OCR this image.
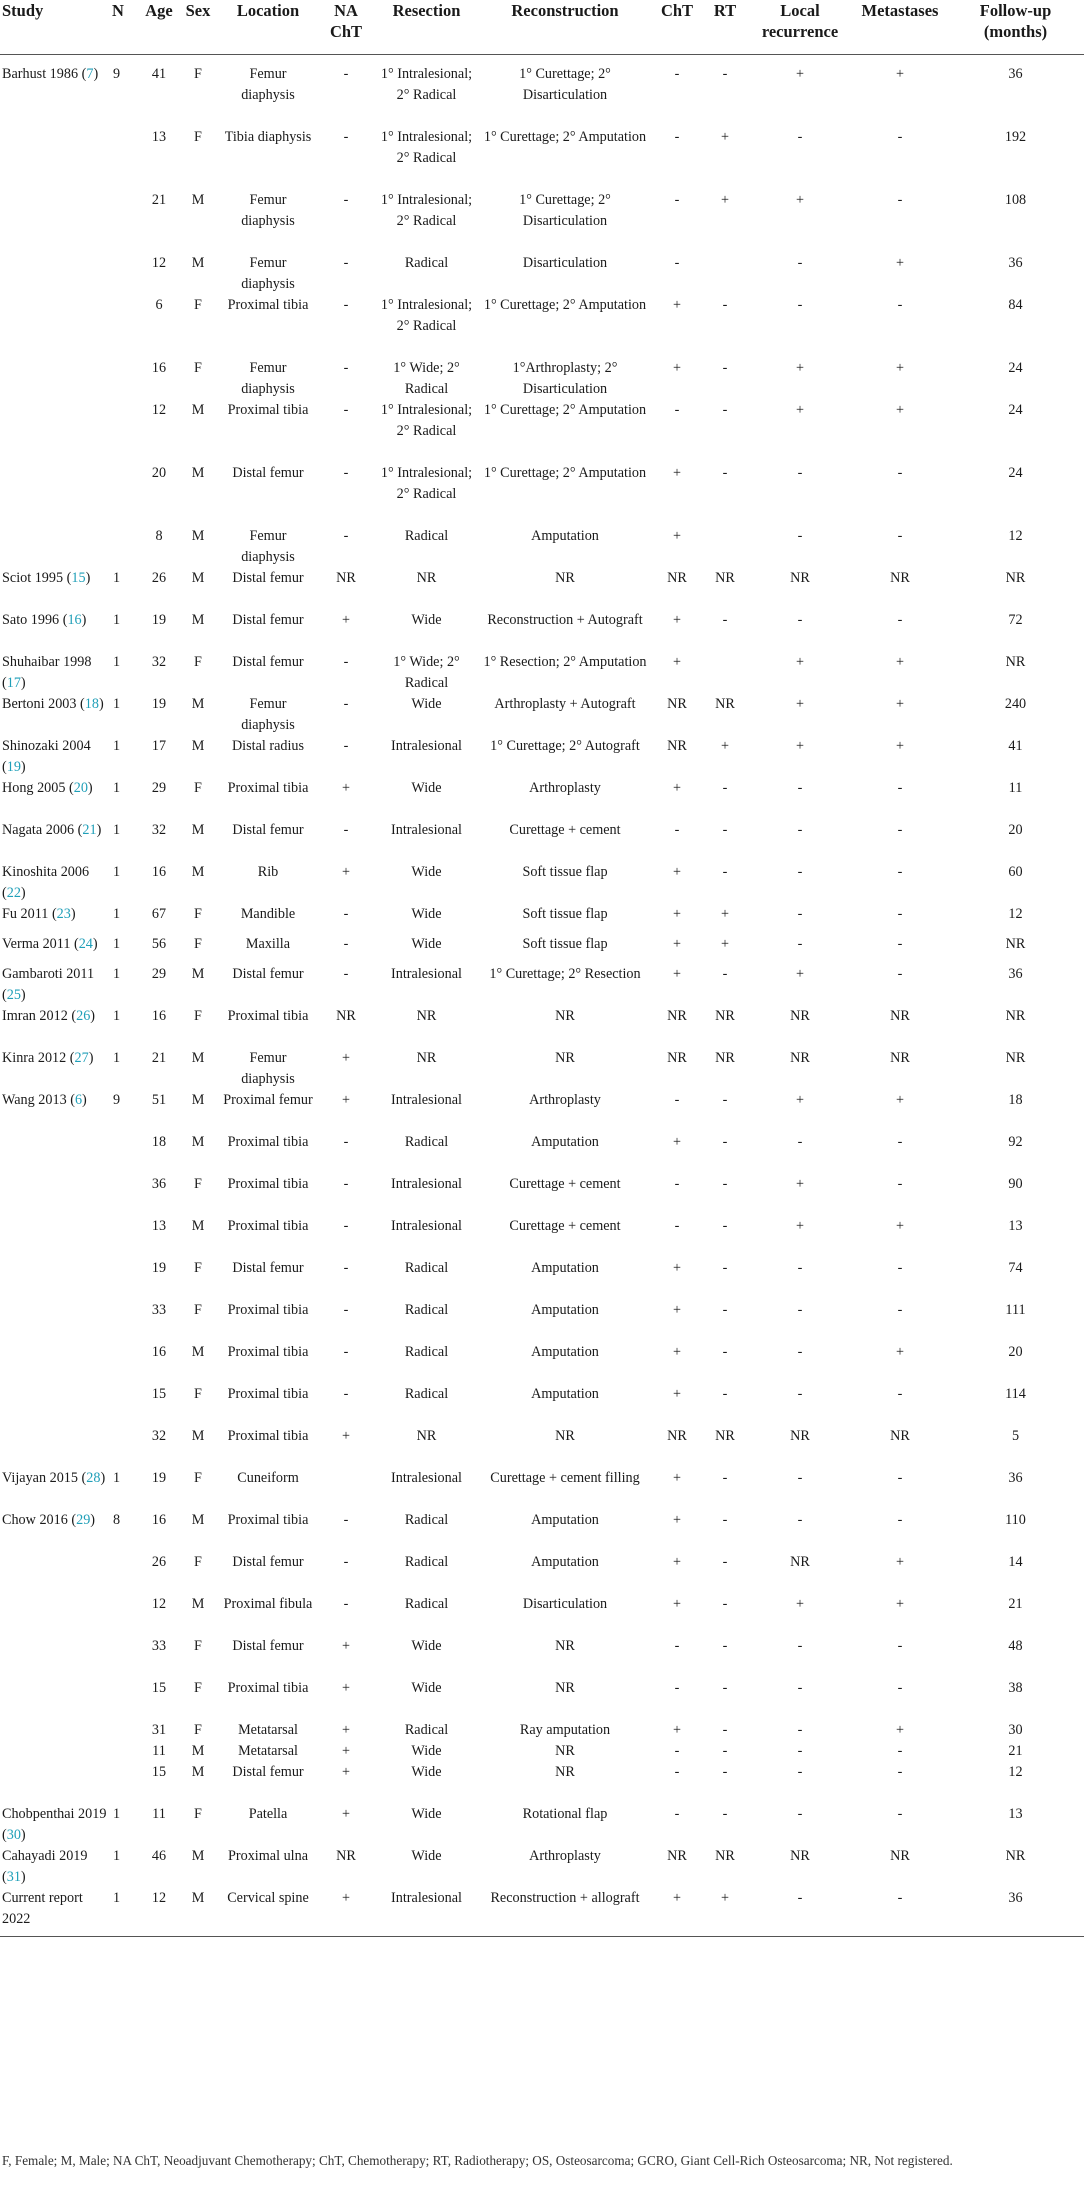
Study	N	Age	Sex	Location	NA ChT	Resection	Reconstruction	ChT	RT	Local recurrence	Metastases	Follow-up (months)
Barhust 1986 (7)	9	41	F	Femur diaphysis	-	1° Intralesional; 2° Radical	1° Curettage; 2° Disarticulation	-	-	+	+	36
		13	F	Tibia diaphysis	-	1° Intralesional; 2° Radical	1° Curettage; 2° Amputation	-	+	-	-	192
		21	M	Femur diaphysis	-	1° Intralesional; 2° Radical	1° Curettage; 2° Disarticulation	-	+	+	-	108
		12	M	Femur diaphysis	-	Radical	Disarticulation	-		-	+	36
		6	F	Proximal tibia	-	1° Intralesional; 2° Radical	1° Curettage; 2° Amputation	+	-	-	-	84
		16	F	Femur diaphysis	-	1° Wide; 2° Radical	1°Arthroplasty; 2° Disarticulation	+	-	+	+	24
		12	M	Proximal tibia	-	1° Intralesional; 2° Radical	1° Curettage; 2° Amputation	-	-	+	+	24
		20	M	Distal femur	-	1° Intralesional; 2° Radical	1° Curettage; 2° Amputation	+	-	-	-	24
		8	M	Femur diaphysis	-	Radical	Amputation	+		-	-	12
Sciot 1995 (15)	1	26	M	Distal femur	NR	NR	NR	NR	NR	NR	NR	NR
Sato 1996 (16)	1	19	M	Distal femur	+	Wide	Reconstruction + Autograft	+	-	-	-	72
Shuhaibar 1998 (17)	1	32	F	Distal femur	-	1° Wide; 2° Radical	1° Resection; 2° Amputation	+		+	+	NR
Bertoni 2003 (18)	1	19	M	Femur diaphysis	-	Wide	Arthroplasty + Autograft	NR	NR	+	+	240
Shinozaki 2004 (19)	1	17	M	Distal radius	-	Intralesional	1° Curettage; 2° Autograft	NR	+	+	+	41
Hong 2005 (20)	1	29	F	Proximal tibia	+	Wide	Arthroplasty	+	-	-	-	11
Nagata 2006 (21)	1	32	M	Distal femur	-	Intralesional	Curettage + cement	-	-	-	-	20
Kinoshita 2006 (22)	1	16	M	Rib	+	Wide	Soft tissue flap	+	-	-	-	60
Fu 2011 (23)	1	67	F	Mandible	-	Wide	Soft tissue flap	+	+	-	-	12
Verma 2011 (24)	1	56	F	Maxilla	-	Wide	Soft tissue flap	+	+	-	-	NR
Gambaroti 2011 (25)	1	29	M	Distal femur	-	Intralesional	1° Curettage; 2° Resection	+	-	+	-	36
Imran 2012 (26)	1	16	F	Proximal tibia	NR	NR	NR	NR	NR	NR	NR	NR
Kinra 2012 (27)	1	21	M	Femur diaphysis	+	NR	NR	NR	NR	NR	NR	NR
Wang 2013 (6)	9	51	M	Proximal femur	+	Intralesional	Arthroplasty	-	-	+	+	18
		18	M	Proximal tibia	-	Radical	Amputation	+	-	-	-	92
		36	F	Proximal tibia	-	Intralesional	Curettage + cement	-	-	+	-	90
		13	M	Proximal tibia	-	Intralesional	Curettage + cement	-	-	+	+	13
		19	F	Distal femur	-	Radical	Amputation	+	-	-	-	74
		33	F	Proximal tibia	-	Radical	Amputation	+	-	-	-	111
		16	M	Proximal tibia	-	Radical	Amputation	+	-	-	+	20
		15	F	Proximal tibia	-	Radical	Amputation	+	-	-	-	114
		32	M	Proximal tibia	+	NR	NR	NR	NR	NR	NR	5
Vijayan 2015 (28)	1	19	F	Cuneiform		Intralesional	Curettage + cement filling	+	-	-	-	36
Chow 2016 (29)	8	16	M	Proximal tibia	-	Radical	Amputation	+	-	-	-	110
		26	F	Distal femur	-	Radical	Amputation	+	-	NR	+	14
		12	M	Proximal fibula	-	Radical	Disarticulation	+	-	+	+	21
		33	F	Distal femur	+	Wide	NR	-	-	-	-	48
		15	F	Proximal tibia	+	Wide	NR	-	-	-	-	38
		31	F	Metatarsal	+	Radical	Ray amputation	+	-	-	+	30
		11	M	Metatarsal	+	Wide	NR	-	-	-	-	21
		15	M	Distal femur	+	Wide	NR	-	-	-	-	12
Chobpenthai 2019 (30)	1	11	F	Patella	+	Wide	Rotational flap	-	-	-	-	13
Cahayadi 2019 (31)	1	46	M	Proximal ulna	NR	Wide	Arthroplasty	NR	NR	NR	NR	NR
Current report 2022	1	12	M	Cervical spine	+	Intralesional	Reconstruction + allograft	+	+	-	-	36
F, Female; M, Male; NA ChT, Neoadjuvant Chemotherapy; ChT, Chemotherapy; RT, Radiotherapy; OS, Osteosarcoma; GCRO, Giant Cell-Rich Osteosarcoma; NR, Not registered.
